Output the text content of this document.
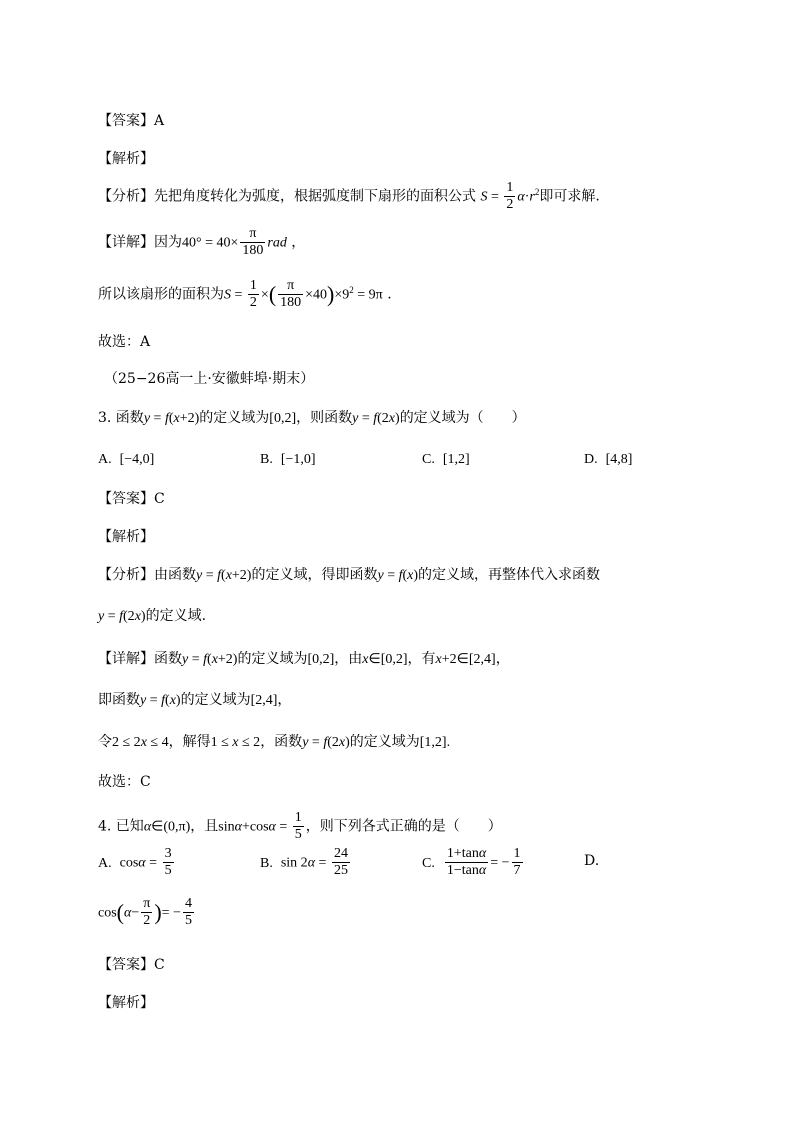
【答案】A
【解析】
【分析】先把角度转化为弧度，根据弧度制下扇形的面积公式 $S = \frac{1}{2} \alpha\cdot r^2$即可求解.
【详解】因为$40^\circ = 40\times \frac{\pi}{180}$ rad ，
所以该扇形的面积为$S = \frac{1}{2}$ ×( $\frac{\pi}{180} \times 40)\times 9^2 = 9\pi$ .
故选：A
（25−26高一上·安徽蚌埠·期末）
3. 函数y = f(x+2)的定义域为[0,2]，则函数y = f(2x)的定义域为（　　）
A. [−4,0]	B. [−1,0]	C. [1,2]	D. [4,8]
【答案】C
【解析】
【分析】由函数y = f(x+2)的定义域，得即函数y = f(x)的定义域，再整体代入求函数
y = f(2x)的定义域.
【详解】函数y = f(x+2)的定义域为[0,2]，由x∈[0,2]，有x+2∈[2,4]，
即函数y = f(x)的定义域为[2,4]，
令2 ≤ 2x ≤ 4，解得1 ≤ x ≤ 2，函数y = f(2x)的定义域为[1,2].
故选：C
4. 已知α∈(0,π)，且$\sin\alpha+\cos\alpha = \frac{1}{5}$ ，则下列各式正确的是（　　）
A. $\cos\alpha = \frac{3}{5}$	B. $\sin 2\alpha = \frac{24}{25}$	C. $\frac{1+\tan\alpha}{1-\tan\alpha}$ = − $\frac{1}{7}$	D.
$\cos(\alpha- \frac{\pi}{2}$ )= − $\frac{4}{5}$
【答案】C
【解析】
